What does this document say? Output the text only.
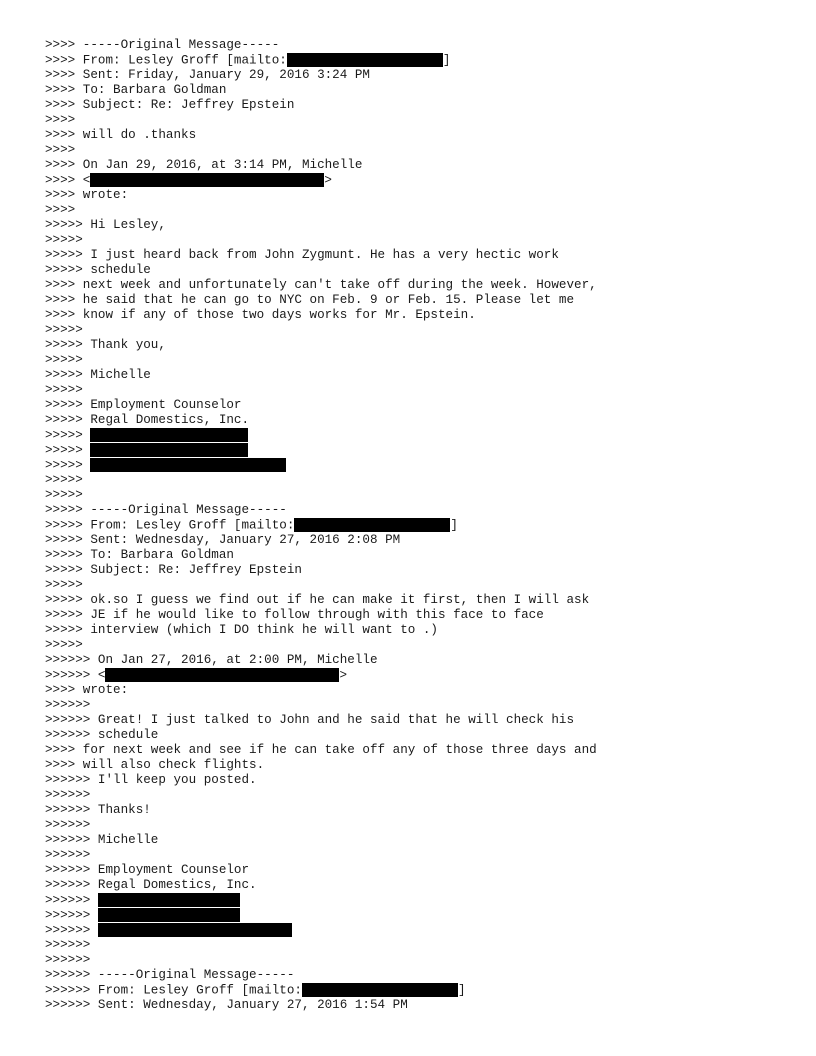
>>>> -----Original Message-----
>>>> From: Lesley Groff [mailto:	]
>>>> Sent: Friday, January 29, 2016 3:24 PM
>>>> To: Barbara Goldman
>>>> Subject: Re: Jeffrey Epstein
>>>>
>>>> will do .thanks
>>>>
>>>> On Jan 29, 2016, at 3:14 PM, Michelle
>>>> <	>
>>>> wrote:
>>>>
>>>>> Hi Lesley,
>>>>>
>>>>> I just heard back from John Zygmunt. He has a very hectic work
>>>>> schedule
>>>> next week and unfortunately can't take off during the week. However,
>>>> he said that he can go to NYC on Feb. 9 or Feb. 15. Please let me
>>>> know if any of those two days works for Mr. Epstein.
>>>>>
>>>>> Thank you,
>>>>>
>>>>> Michelle
>>>>>
>>>>> Employment Counselor
>>>>> Regal Domestics, Inc.
>>>>>
>>>>>
>>>>>
>>>>>
>>>>>
>>>>> -----Original Message-----
>>>>> From: Lesley Groff [mailto:	]
>>>>> Sent: Wednesday, January 27, 2016 2:08 PM
>>>>> To: Barbara Goldman
>>>>> Subject: Re: Jeffrey Epstein
>>>>>
>>>>> ok.so I guess we find out if he can make it first, then I will ask
>>>>> JE if he would like to follow through with this face to face
>>>>> interview (which I DO think he will want to .)
>>>>>
>>>>>> On Jan 27, 2016, at 2:00 PM, Michelle
>>>>>> <	>
>>>> wrote:
>>>>>>
>>>>>> Great! I just talked to John and he said that he will check his
>>>>>> schedule
>>>> for next week and see if he can take off any of those three days and
>>>> will also check flights.
>>>>>> I'll keep you posted.
>>>>>>
>>>>>> Thanks!
>>>>>>
>>>>>> Michelle
>>>>>>
>>>>>> Employment Counselor
>>>>>> Regal Domestics, Inc.
>>>>>>
>>>>>>
>>>>>>
>>>>>>
>>>>>>
>>>>>> -----Original Message-----
>>>>>> From: Lesley Groff [mailto:	]
>>>>>> Sent: Wednesday, January 27, 2016 1:54 PM
